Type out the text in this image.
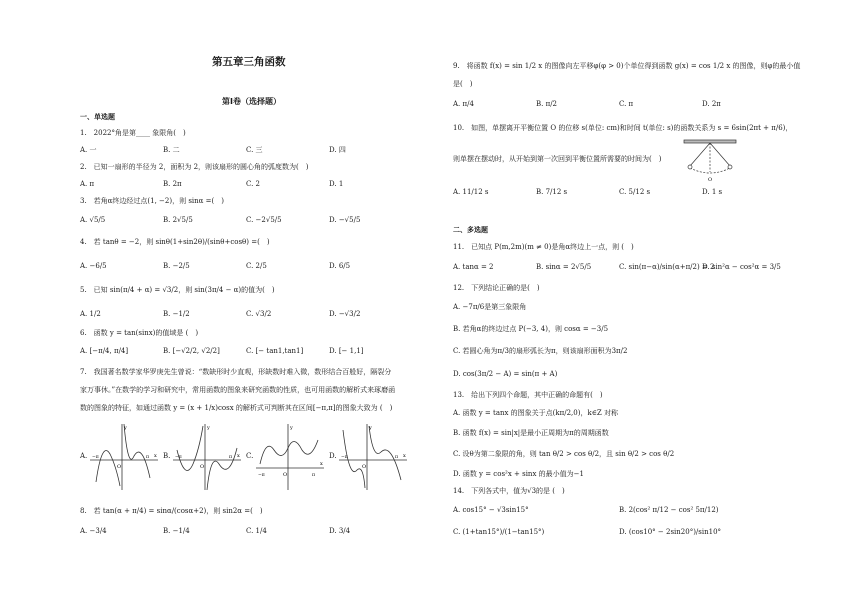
第五章三角函数
第I卷（选择题）
一、单选题
1.　2022°角是第____ 象限角(　)
A. 一	B. 二	C. 三	D. 四
2.　已知一扇形的半径为 2，面积为 2，则该扇形的圆心角的弧度数为(　)
A. π	B. 2π	C. 2	D. 1
3.　若角α终边经过点(1, −2)，则 sinα =(　)
A. √5/5	B. 2√5/5	C. −2√5/5	D. −√5/5
4.　若 tanθ = −2，则 sinθ(1+sin2θ)/(sinθ+cosθ) =(　)
A. −6/5	B. −2/5	C. 2/5	D. 6/5
5.　已知 sin(π/4 + α) = √3/2，则 sin(3π/4 − α)的值为(　)
A. 1/2	B. −1/2	C. √3/2	D. −√3/2
6.　函数 y = tan(sinx)的值域是 (　)
A. [−π/4, π/4]	B. [−√2/2, √2/2]	C. [− tan1,tan1]	D. [− 1,1]
7.　我国著名数学家华罗庚先生曾说：“数缺形时少直观，形缺数时难入微，数形结合百般好，隔裂分
家万事休。”在数学的学习和研究中，常用函数的图象来研究函数的性质，也可用函数的解析式来琢磨函
数的图象的特征，如通过函数 y = (x + 1/x)cosx 的解析式可判断其在区间[−π,π]的图象大致为 (　)
A.	B.	C.	D.
y
x
O
−π	π
y
x
O
−π	π
y
x
O
−π	π
y
x
O
−π	π
8.　若 tan(α + π/4) = sinα/(cosα+2)，则 sin2α =(　)
A. −3/4	B. −1/4	C. 1/4	D. 3/4
9.　将函数 f(x) = sin 1/2 x 的图像向左平移φ(φ > 0)个单位得到函数 g(x) = cos 1/2 x 的图像，则φ的最小值
是(　)
A. π/4	B. π/2	C. π	D. 2π
10.　如图，单摆离开平衡位置 O 的位移 s(单位: cm)和时间 t(单位: s)的函数关系为 s = 6sin(2πt + π/6)，
则单摆在摆动时，从开始到第一次回到平衡位置所需要的时间为(　)
O
A. 11/12 s	B. 7/12 s	C. 5/12 s	D. 1 s
二、多选题
11.　已知点 P(m,2m)(m ≠ 0)是角α终边上一点，则 (　)
A. tanα = 2	B. sinα = 2√5/5	C. sin(π−α)/sin(α+π/2) = 2
D. sin²α − cos²α = 3/5
12.　下列结论正确的是(　)
A. −7π/6是第三象限角
B. 若角α的终边过点 P(−3, 4)，则 cosα = −3/5
C. 若圆心角为π/3的扇形弧长为π，则该扇形面积为3π/2
D. cos(3π/2 − A) = sin(π + A)
13.　给出下列四个命题，其中正确的命题有(　)
A. 函数 y = tanx 的图象关于点(kπ/2,0)，k∈Z 对称
B. 函数 f(x) = sin|x|是最小正周期为π的周期函数
C. 设θ为第二象限的角，则 tan θ/2 > cos θ/2，且 sin θ/2 > cos θ/2
D. 函数 y = cos²x + sinx 的最小值为−1
14.　下列各式中，值为√3的是 (　)
A. cos15° − √3sin15°	B. 2(cos² π/12 − cos² 5π/12)
C. (1+tan15°)/(1−tan15°)	D. (cos10° − 2sin20°)/sin10°
